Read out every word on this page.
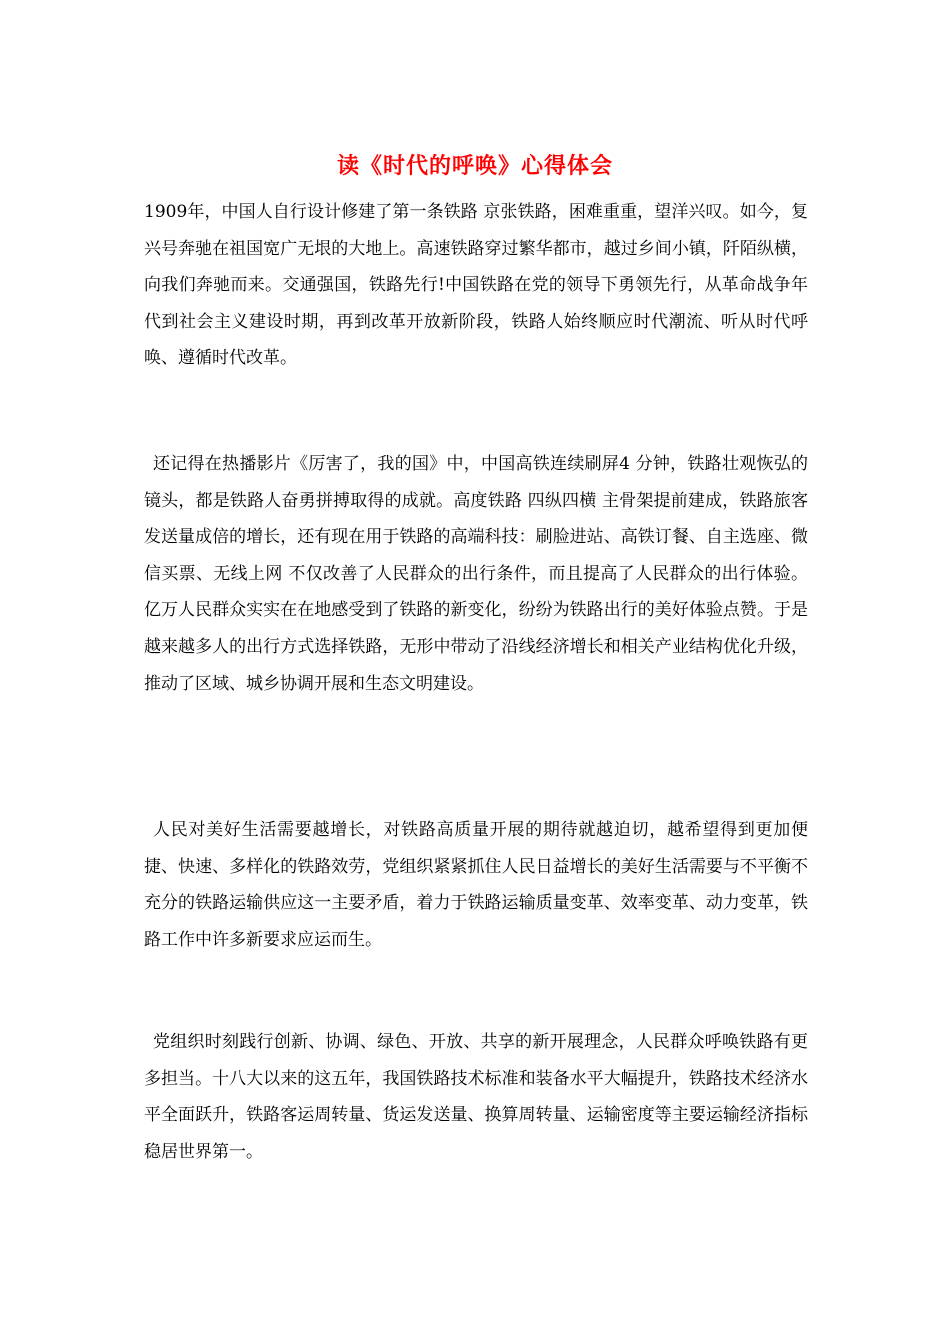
读《时代的呼唤》心得体会
1909年，中国人自行设计修建了第一条铁路 京张铁路，困难重重，望洋兴叹。如今，复兴号奔驰在祖国宽广无垠的大地上。高速铁路穿过繁华都市，越过乡间小镇，阡陌纵横，向我们奔驰而来。交通强国，铁路先行!中国铁路在党的领导下勇领先行，从革命战争年代到社会主义建设时期，再到改革开放新阶段，铁路人始终顺应时代潮流、听从时代呼唤、遵循时代改革。
还记得在热播影片《厉害了，我的国》中，中国高铁连续刷屏4 分钟，铁路壮观恢弘的镜头，都是铁路人奋勇拼搏取得的成就。高度铁路 四纵四横 主骨架提前建成，铁路旅客发送量成倍的增长，还有现在用于铁路的高端科技：刷脸进站、高铁订餐、自主选座、微信买票、无线上网 不仅改善了人民群众的出行条件，而且提高了人民群众的出行体验。亿万人民群众实实在在地感受到了铁路的新变化，纷纷为铁路出行的美好体验点赞。于是越来越多人的出行方式选择铁路，无形中带动了沿线经济增长和相关产业结构优化升级，推动了区域、城乡协调开展和生态文明建设。
人民对美好生活需要越增长，对铁路高质量开展的期待就越迫切，越希望得到更加便捷、快速、多样化的铁路效劳，党组织紧紧抓住人民日益增长的美好生活需要与不平衡不充分的铁路运输供应这一主要矛盾，着力于铁路运输质量变革、效率变革、动力变革，铁路工作中许多新要求应运而生。
党组织时刻践行创新、协调、绿色、开放、共享的新开展理念，人民群众呼唤铁路有更多担当。十八大以来的这五年，我国铁路技术标准和装备水平大幅提升，铁路技术经济水平全面跃升，铁路客运周转量、货运发送量、换算周转量、运输密度等主要运输经济指标稳居世界第一。
